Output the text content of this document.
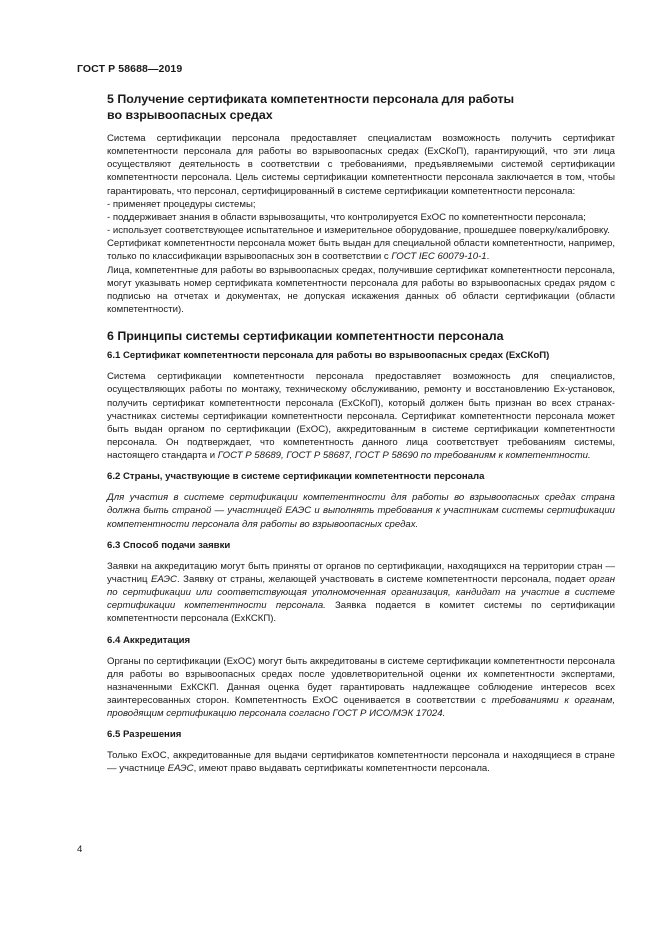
ГОСТ Р 58688—2019
5 Получение сертификата компетентности персонала для работы
во взрывоопасных средах

Система сертификации персонала предоставляет специалистам возможность получить сертификат компетентности персонала для работы во взрывоопасных средах (ExСКоП), гарантирующий, что эти лица осуществляют деятельность в соответствии с требованиями, предъявляемыми системой сертификации компетентности персонала. Цель системы сертификации компетентности персонала заключается в том, чтобы гарантировать, что персонал, сертифицированный в системе сертификации компетентности персонала:

- применяет процедуры системы;

- поддерживает знания в области взрывозащиты, что контролируется ExOC по компетентности персонала;

- использует соответствующее испытательное и измерительное оборудование, прошедшее поверку/калибровку.

Сертификат компетентности персонала может быть выдан для специальной области компетентности, например, только по классификации взрывоопасных зон в соответствии с ГОСТ IEC 60079-10-1.

Лица, компетентные для работы во взрывоопасных средах, получившие сертификат компетентности персонала, могут указывать номер сертификата компетентности персонала для работы во взрывоопасных средах рядом с подписью на отчетах и документах, не допуская искажения данных об области сертификации (области компетентности).

6 Принципы системы сертификации компетентности персонала
6.1 Сертификат компетентности персонала для работы во взрывоопасных средах (ExСКоП)

Система сертификации компетентности персонала предоставляет возможность для специалистов, осуществляющих работы по монтажу, техническому обслуживанию, ремонту и восстановлению Ex-установок, получить сертификат компетентности персонала (ExСКоП), который должен быть признан во всех странах-участниках системы сертификации компетентности персонала. Сертификат компетентности персонала может быть выдан органом по сертификации (ExOC), аккредитованным в системе сертификации компетентности персонала. Он подтверждает, что компетентность данного лица соответствует требованиям системы, настоящего стандарта и ГОСТ Р 58689, ГОСТ Р 58687, ГОСТ Р 58690 по требованиям к компетентности.

6.2 Страны, участвующие в системе сертификации компетентности персонала

Для участия в системе сертификации компетентности для работы во взрывоопасных средах страна должна быть страной — участницей ЕАЭС и выполнять требования к участникам системы сертификации компетентности персонала для работы во взрывоопасных средах.

6.3 Способ подачи заявки

Заявки на аккредитацию могут быть приняты от органов по сертификации, находящихся на территории стран — участниц ЕАЭС. Заявку от страны, желающей участвовать в системе компетентности персонала, подает орган по сертификации или соответствующая уполномоченная организация, кандидат на участие в системе сертификации компетентности персонала. Заявка подается в комитет системы по сертификации компетентности персонала (ExКСКП).

6.4 Аккредитация

Органы по сертификации (ExOC) могут быть аккредитованы в системе сертификации компетентности персонала для работы во взрывоопасных средах после удовлетворительной оценки их компетентности экспертами, назначенными ExКСКП. Данная оценка будет гарантировать надлежащее соблюдение интересов всех заинтересованных сторон. Компетентность ExOC оценивается в соответствии с требованиями к органам, проводящим сертификацию персонала согласно ГОСТ Р ИСО/МЭК 17024.

6.5 Разрешения

Только ExOC, аккредитованные для выдачи сертификатов компетентности персонала и находящиеся в стране — участнице ЕАЭС, имеют право выдавать сертификаты компетентности персонала.

4
